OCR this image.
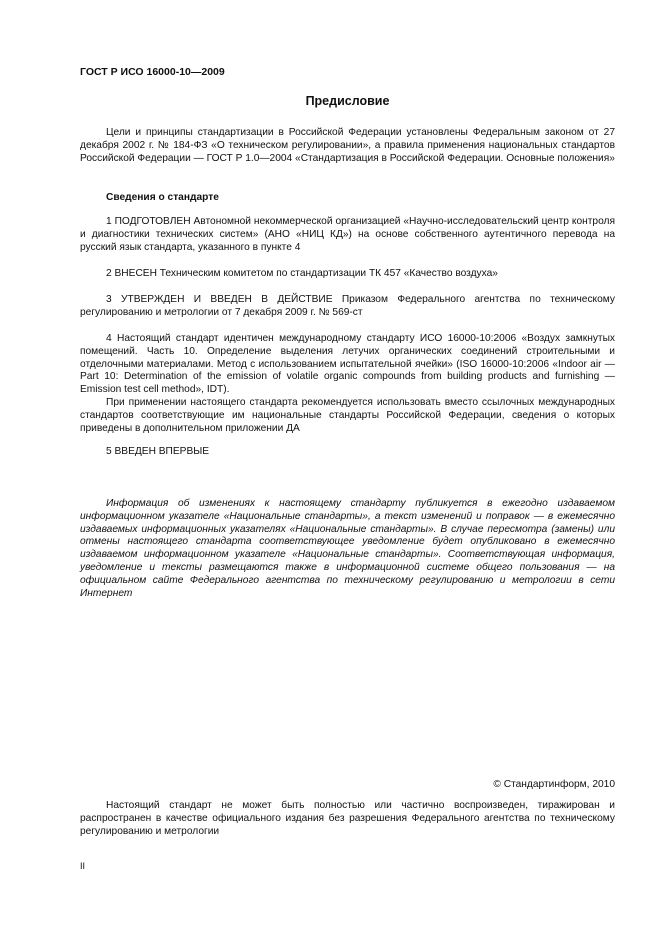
ГОСТ Р ИСО 16000-10—2009
Предисловие

Цели и принципы стандартизации в Российской Федерации установлены Федеральным законом от 27 декабря 2002 г. № 184-ФЗ «О техническом регулировании», а правила применения национальных стандартов Российской Федерации — ГОСТ Р 1.0—2004 «Стандартизация в Российской Федерации. Основные положения»

Сведения о стандарте

1 ПОДГОТОВЛЕН Автономной некоммерческой организацией «Научно-исследовательский центр контроля и диагностики технических систем» (АНО «НИЦ КД») на основе собственного аутентичного перевода на русский язык стандарта, указанного в пункте 4

2 ВНЕСЕН Техническим комитетом по стандартизации ТК 457 «Качество воздуха»

3 УТВЕРЖДЕН И ВВЕДЕН В ДЕЙСТВИЕ Приказом Федерального агентства по техническому регулированию и метрологии от 7 декабря 2009 г. № 569-ст

4 Настоящий стандарт идентичен международному стандарту ИСО 16000-10:2006 «Воздух замкнутых помещений. Часть 10. Определение выделения летучих органических соединений строительными и отделочными материалами. Метод с использованием испытательной ячейки» (ISO 16000-10:2006 «Indoor air — Part 10: Determination of the emission of volatile organic compounds from building products and furnishing — Emission test cell method», IDT).

При применении настоящего стандарта рекомендуется использовать вместо ссылочных международных стандартов соответствующие им национальные стандарты Российской Федерации, сведения о которых приведены в дополнительном приложении ДА

5 ВВЕДЕН ВПЕРВЫЕ

Информация об изменениях к настоящему стандарту публикуется в ежегодно издаваемом информационном указателе «Национальные стандарты», а текст изменений и поправок — в ежемесячно издаваемых информационных указателях «Национальные стандарты». В случае пересмотра (замены) или отмены настоящего стандарта соответствующее уведомление будет опубликовано в ежемесячно издаваемом информационном указателе «Национальные стандарты». Соответствующая информация, уведомление и тексты размещаются также в информационной системе общего пользования — на официальном сайте Федерального агентства по техническому регулированию и метрологии в сети Интернет

© Стандартинформ, 2010

Настоящий стандарт не может быть полностью или частично воспроизведен, тиражирован и распространен в качестве официального издания без разрешения Федерального агентства по техническому регулированию и метрологии

II
